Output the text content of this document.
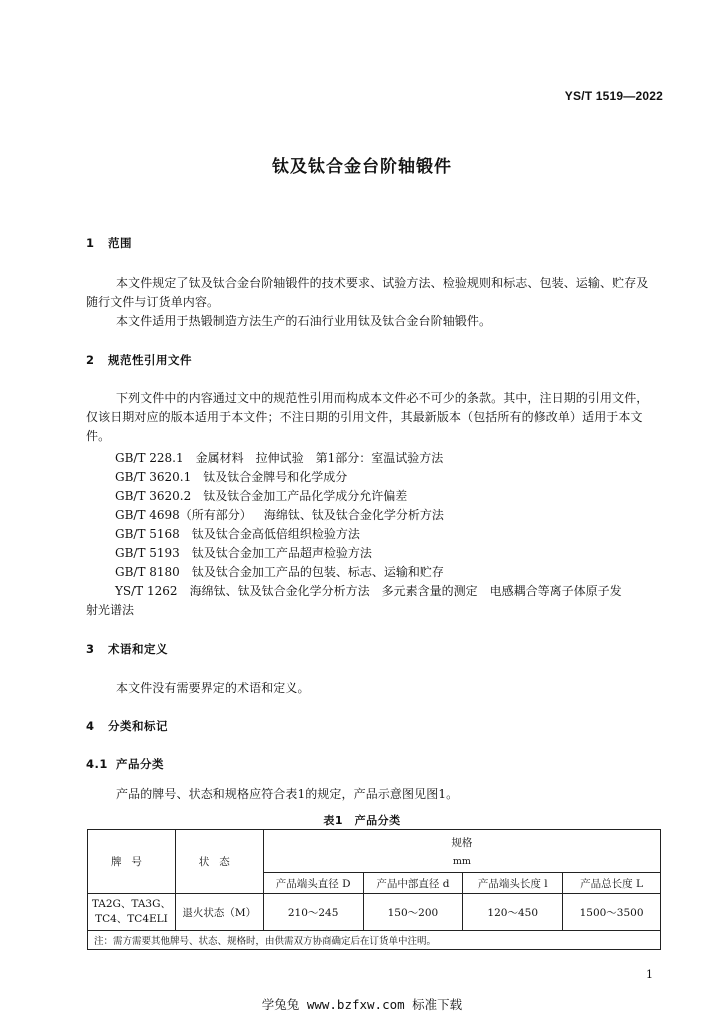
YS/T 1519—2022
钛及钛合金台阶轴锻件
1 范围
本文件规定了钛及钛合金台阶轴锻件的技术要求、试验方法、检验规则和标志、包装、运输、贮存及随行文件与订货单内容。
本文件适用于热锻制造方法生产的石油行业用钛及钛合金台阶轴锻件。
2 规范性引用文件
下列文件中的内容通过文中的规范性引用而构成本文件必不可少的条款。其中，注日期的引用文件，仅该日期对应的版本适用于本文件；不注日期的引用文件，其最新版本（包括所有的修改单）适用于本文件。
GB/T 228.1　 金属材料　拉伸试验　第1部分：室温试验方法
GB/T 3620.1　 钛及钛合金牌号和化学成分
GB/T 3620.2　 钛及钛合金加工产品化学成分允许偏差
GB/T 4698（所有部分）　 海绵钛、钛及钛合金化学分析方法
GB/T 5168　 钛及钛合金高低倍组织检验方法
GB/T 5193　 钛及钛合金加工产品超声检验方法
GB/T 8180　 钛及钛合金加工产品的包装、标志、运输和贮存
YS/T 1262　 海绵钛、钛及钛合金化学分析方法　多元素含量的测定　电感耦合等离子体原子发射光谱法
3 术语和定义
本文件没有需要界定的术语和定义。
4 分类和标记
4.1 产品分类
产品的牌号、状态和规格应符合表1的规定，产品示意图见图1。
表1　产品分类
牌号	状态	规格
mm			

		产品端头直径 D	产品中部直径 d	产品端头长度 l	产品总长度 L
TA2G、TA3G、TC4、TC4ELI	退火状态（M）	210～245	150～200	120～450	1500～3500
注：需方需要其他牌号、状态、规格时，由供需双方协商确定后在订货单中注明。					
1
学兔兔 www.bzfxw.com 标准下载
